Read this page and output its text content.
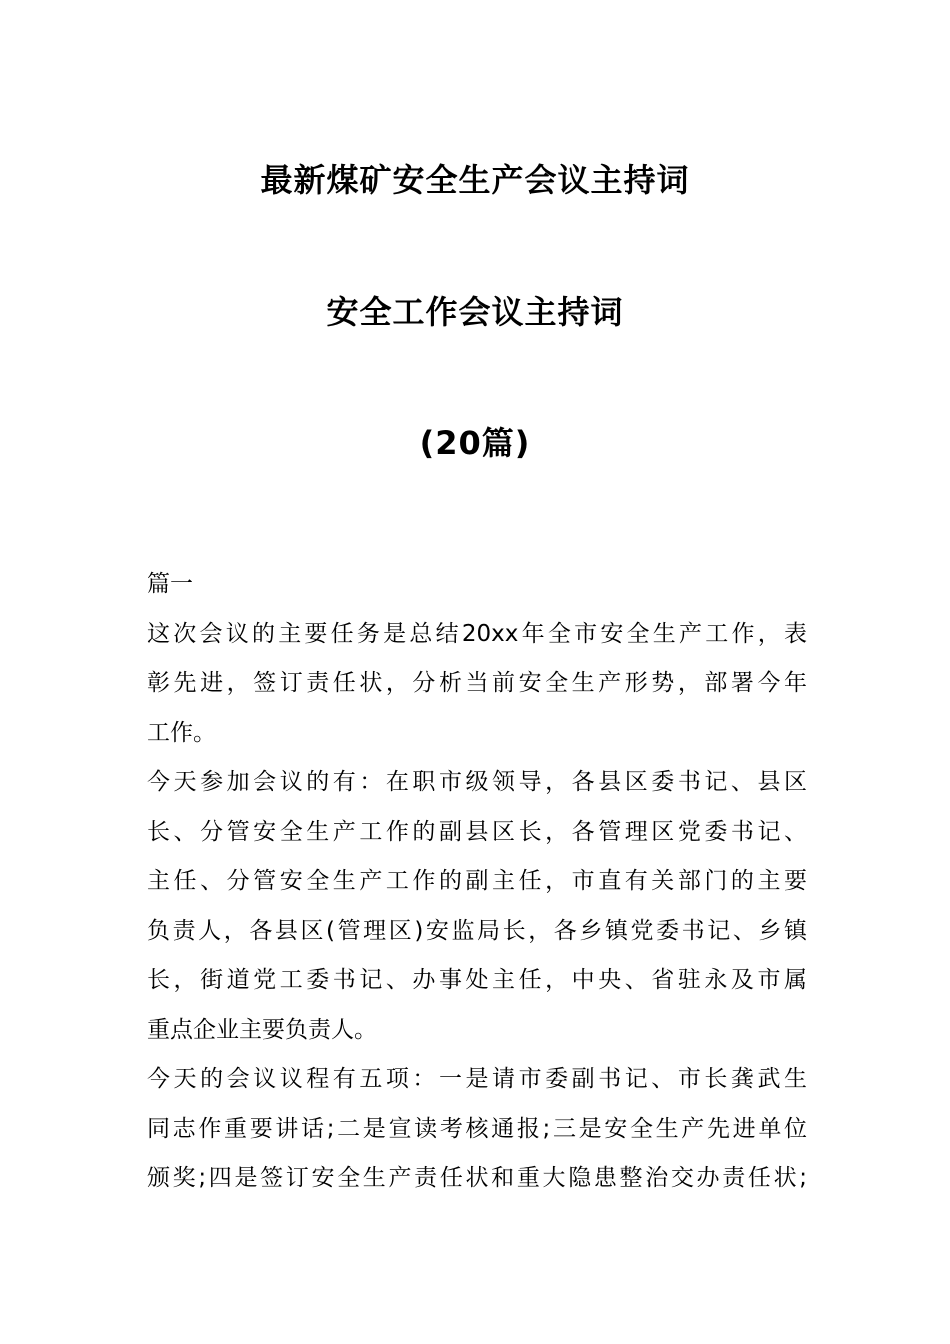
最新煤矿安全生产会议主持词
安全工作会议主持词
(20篇)
篇一
这次会议的主要任务是总结20xx年全市安全生产工作，表
彰先进，签订责任状，分析当前安全生产形势，部署今年
工作。
今天参加会议的有：在职市级领导，各县区委书记、县区
长、分管安全生产工作的副县区长，各管理区党委书记、
主任、分管安全生产工作的副主任，市直有关部门的主要
负责人，各县区(管理区)安监局长，各乡镇党委书记、乡镇
长，街道党工委书记、办事处主任，中央、省驻永及市属
重点企业主要负责人。
今天的会议议程有五项：一是请市委副书记、市长龚武生
同志作重要讲话;二是宣读考核通报;三是安全生产先进单位
颁奖;四是签订安全生产责任状和重大隐患整治交办责任状;
